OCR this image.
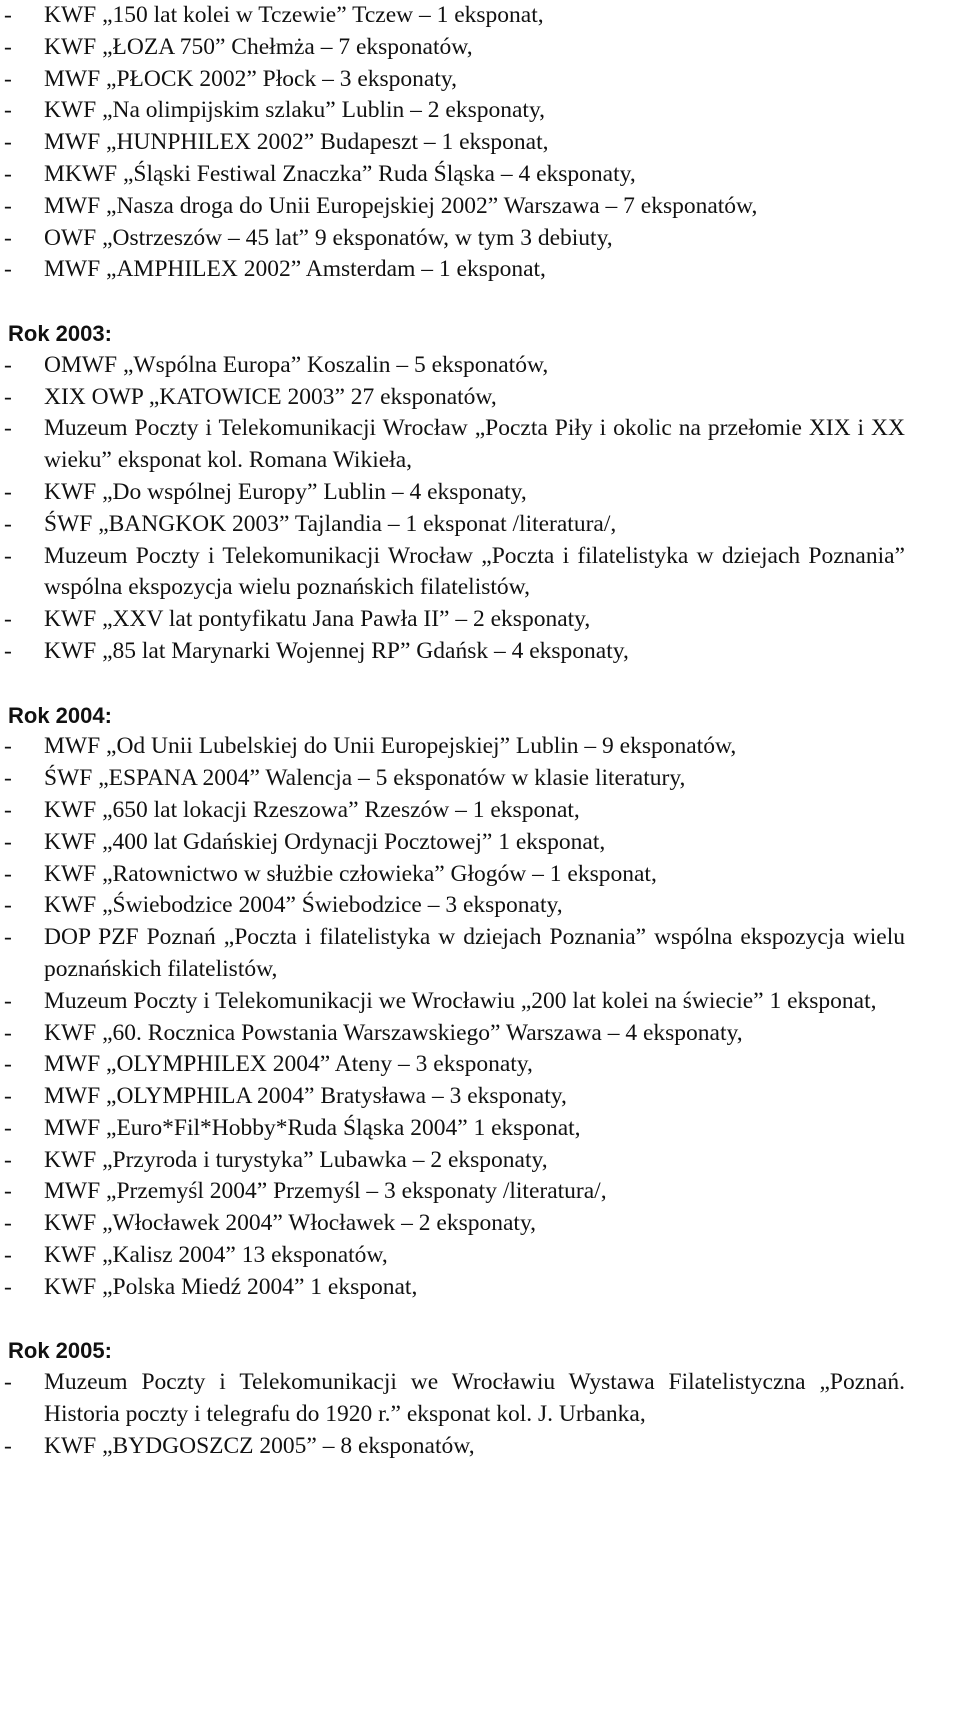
-	KWF „150 lat kolei w Tczewie” Tczew – 1 eksponat,
-	KWF „ŁOZA 750” Chełmża – 7 eksponatów,
-	MWF „PŁOCK 2002” Płock – 3 eksponaty,
-	KWF „Na olimpijskim szlaku” Lublin – 2 eksponaty,
-	MWF „HUNPHILEX 2002” Budapeszt – 1 eksponat,
-	MKWF „Śląski Festiwal Znaczka” Ruda Śląska – 4 eksponaty,
-	MWF „Nasza droga do Unii Europejskiej 2002” Warszawa – 7 eksponatów,
-	OWF „Ostrzeszów – 45 lat” 9 eksponatów, w tym 3 debiuty,
-	MWF „AMPHILEX 2002” Amsterdam – 1 eksponat,
Rok 2003:
-	OMWF „Wspólna Europa” Koszalin – 5 eksponatów,
-	XIX OWP „KATOWICE 2003” 27 eksponatów,
-	Muzeum Poczty i Telekomunikacji Wrocław „Poczta Piły i okolic na przełomie XIX i XX wieku” eksponat kol. Romana Wikieła,
-	KWF „Do wspólnej Europy” Lublin – 4 eksponaty,
-	ŚWF „BANGKOK 2003” Tajlandia – 1 eksponat /literatura/,
-	Muzeum Poczty i Telekomunikacji Wrocław „Poczta i filatelistyka w dziejach Poznania” wspólna ekspozycja wielu poznańskich filatelistów,
-	KWF „XXV lat pontyfikatu Jana Pawła II” – 2 eksponaty,
-	KWF „85 lat Marynarki Wojennej RP” Gdańsk – 4 eksponaty,
Rok 2004:
-	MWF „Od Unii Lubelskiej do Unii Europejskiej” Lublin – 9 eksponatów,
-	ŚWF „ESPANA 2004” Walencja – 5 eksponatów w klasie literatury,
-	KWF „650 lat lokacji Rzeszowa” Rzeszów – 1 eksponat,
-	KWF „400 lat Gdańskiej Ordynacji Pocztowej” 1 eksponat,
-	KWF „Ratownictwo w służbie człowieka” Głogów – 1 eksponat,
-	KWF „Świebodzice 2004” Świebodzice – 3 eksponaty,
-	DOP PZF Poznań „Poczta i filatelistyka w dziejach Poznania” wspólna ekspozycja wielu poznańskich filatelistów,
-	Muzeum Poczty i Telekomunikacji we Wrocławiu „200 lat kolei na świecie” 1 eksponat,
-	KWF „60. Rocznica Powstania Warszawskiego” Warszawa – 4 eksponaty,
-	MWF „OLYMPHILEX 2004” Ateny – 3 eksponaty,
-	MWF „OLYMPHILA 2004” Bratysława – 3 eksponaty,
-	MWF „Euro*Fil*Hobby*Ruda Śląska 2004” 1 eksponat,
-	KWF „Przyroda i turystyka” Lubawka – 2 eksponaty,
-	MWF „Przemyśl 2004” Przemyśl – 3 eksponaty /literatura/,
-	KWF „Włocławek 2004” Włocławek – 2 eksponaty,
-	KWF „Kalisz 2004” 13 eksponatów,
-	KWF „Polska Miedź 2004” 1 eksponat,
Rok 2005:
-	Muzeum Poczty i Telekomunikacji we Wrocławiu Wystawa Filatelistyczna „Poznań. Historia poczty i telegrafu do 1920 r.” eksponat kol. J. Urbanka,
-	KWF „BYDGOSZCZ 2005” – 8 eksponatów,
